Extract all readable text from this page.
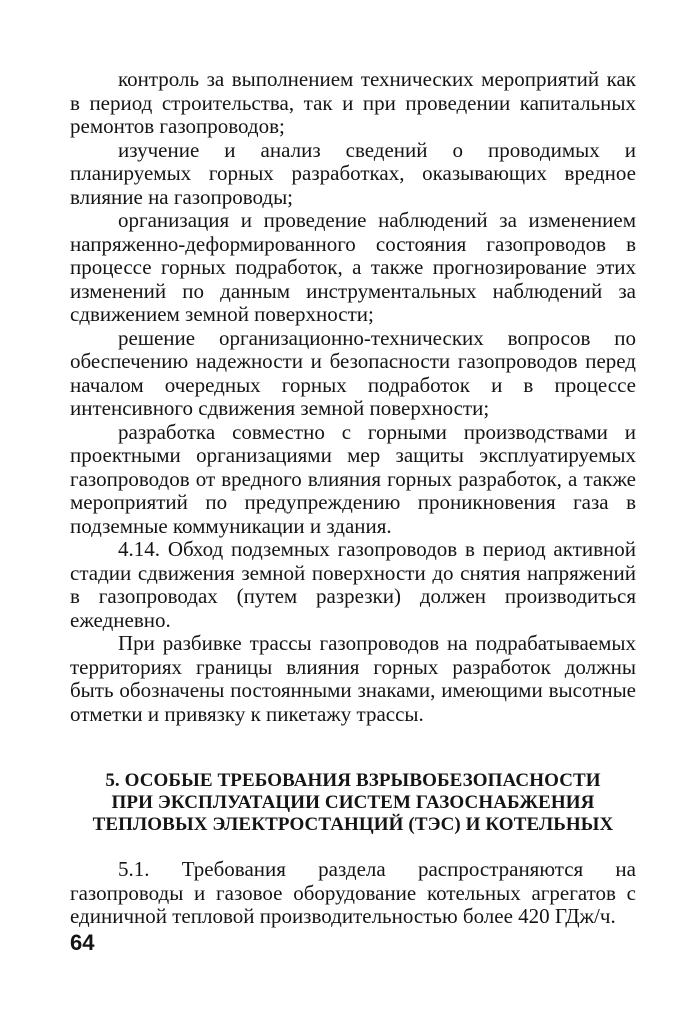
контроль за выполнением технических мероприятий как в период строительства, так и при проведении капитальных ремонтов газопроводов;

изучение и анализ сведений о проводимых и планируемых горных разработках, оказывающих вредное влияние на газопроводы;

организация и проведение наблюдений за изменением напряженно-деформированного состояния газопроводов в процессе горных подработок, а также прогнозирование этих изменений по данным инструментальных наблюдений за сдвижением земной поверхности;

решение организационно-технических вопросов по обеспечению надежности и безопасности газопроводов перед началом очередных горных подработок и в процессе интенсивного сдвижения земной поверхности;

разработка совместно с горными производствами и проектными организациями мер защиты эксплуатируемых газопроводов от вредного влияния горных разработок, а также мероприятий по предупреждению проникновения газа в подземные коммуникации и здания.

4.14. Обход подземных газопроводов в период активной стадии сдвижения земной поверхности до снятия напряжений в газопроводах (путем разрезки) должен производиться ежедневно.

При разбивке трассы газопроводов на подрабатываемых территориях границы влияния горных разработок должны быть обозначены постоянными знаками, имеющими высотные отметки и привязку к пикетажу трассы.

5. ОСОБЫЕ ТРЕБОВАНИЯ ВЗРЫВОБЕЗОПАСНОСТИ
ПРИ ЭКСПЛУАТАЦИИ СИСТЕМ ГАЗОСНАБЖЕНИЯ
ТЕПЛОВЫХ ЭЛЕКТРОСТАНЦИЙ (ТЭС) И КОТЕЛЬНЫХ

5.1. Требования раздела распространяются на газопроводы и газовое оборудование котельных агрегатов с единичной тепловой производительностью более 420 ГДж/ч.

64
